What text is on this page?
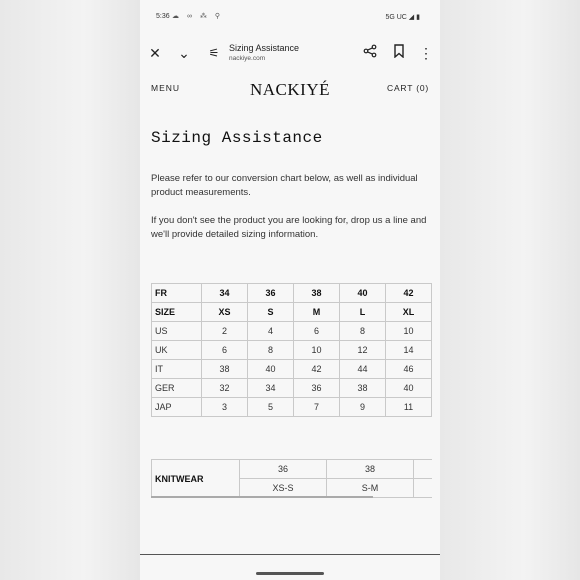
5:36 ☁ ∞ ⁂ ⚲	5G UC ◢ ▮
✕ ⌄	⚟	Sizing Assistance
nackiye.com	⋮
MENU	NACKIYÉ	CART (0)
Sizing Assistance
Please refer to our conversion chart below, as well as individual product measurements.
If you don't see the product you are looking for, drop us a line and we'll provide detailed sizing information.
FR	34	36	38	40	42
SIZE	XS	S	M	L	XL
US	2	4	6	8	10
UK	6	8	10	12	14
IT	38	40	42	44	46
GER	32	34	36	38	40
JAP	3	5	7	9	11
KNITWEAR	36	38	
	XS-S	S-M	
